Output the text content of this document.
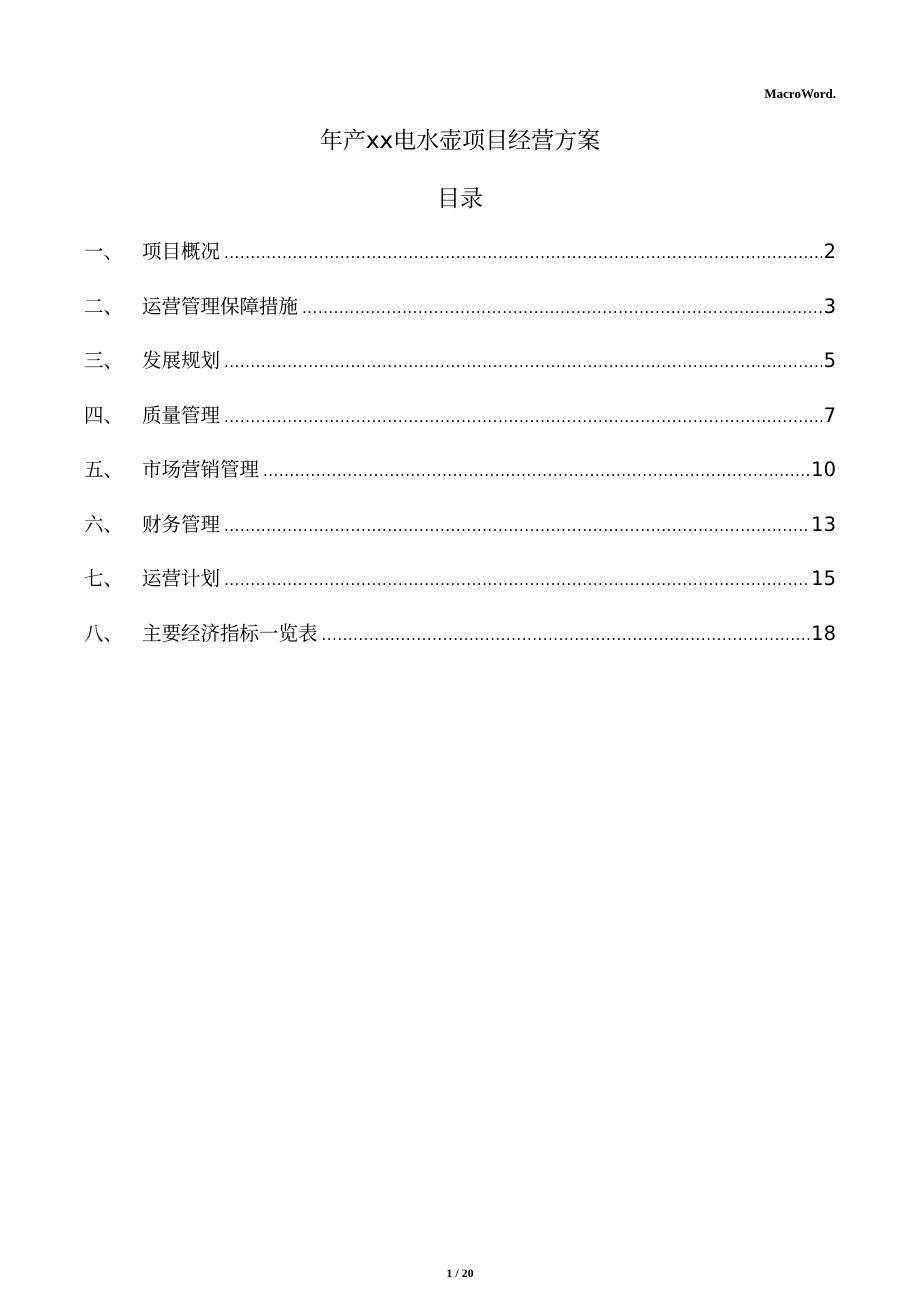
MacroWord.
年产xx电水壶项目经营方案
目录
一、 项目概况 .....	2
二、 运营管理保障措施 .....	3
三、 发展规划 .....	5
四、 质量管理 .....	7
五、 市场营销管理 .....	10
六、 财务管理 .....	13
七、 运营计划 .....	15
八、 主要经济指标一览表 .....	18
1 / 20
